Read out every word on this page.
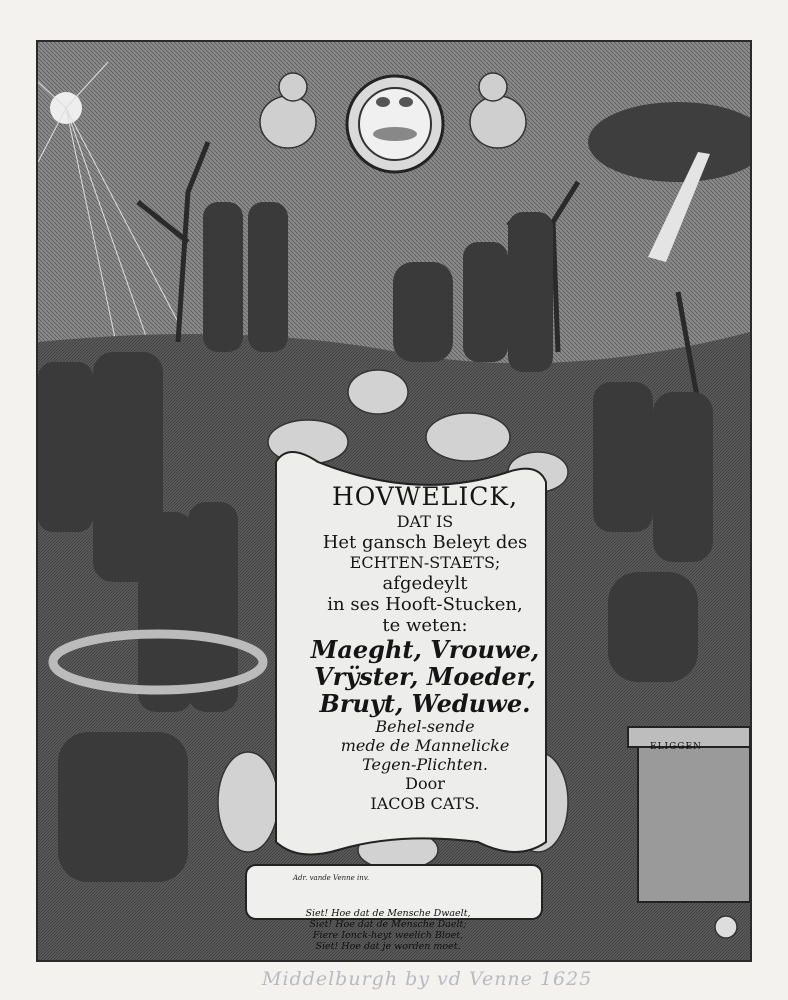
HOVWELICK,

DAT IS

Het gansch Beleyt des

ECHTEN-STAETS;

afgedeylt

in ses Hooft-Stucken,

te weten:

Maeght, Vrouwe,

Vrÿster, Moeder,

Bruyt, Weduwe.

Behel-sende

mede de Mannelicke

Tegen-Plichten.

Door

IACOB CATS.

Adr. vande Venne inv.
Siet! Hoe dat de Mensche Dwaelt,
Siet! Hoe dat de Mensche Daelt;
Fiere Ionck-heyt weelich Bloet,
Siet! Hoe dat je worden moet.
ELIGGEN
Middelburgh by vd Venne 1625
